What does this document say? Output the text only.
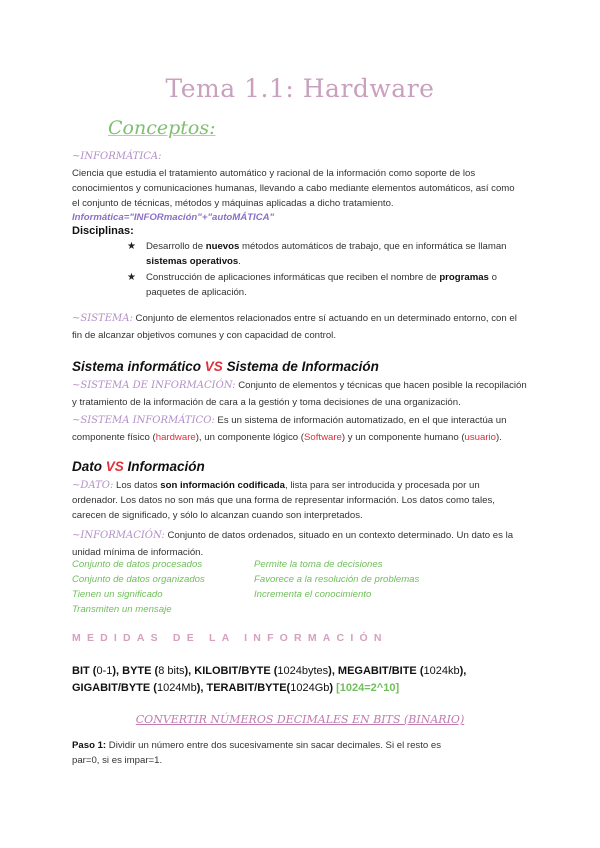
Tema 1.1: Hardware
Conceptos:
~INFORMÁTICA:
Ciencia que estudia el tratamiento automático y racional de la información como soporte de los
conocimientos y comunicaciones humanas, llevando a cabo mediante elementos automáticos, así como
el conjunto de técnicas, métodos y máquinas aplicadas a dicho tratamiento.
Informática="INFORmación"+"autoMÁTICA"
Disciplinas:
★ Desarrollo de nuevos métodos automáticos de trabajo, que en informática se llaman
sistemas operativos.
★ Construcción de aplicaciones informáticas que reciben el nombre de programas o
paquetes de aplicación.
~SISTEMA: Conjunto de elementos relacionados entre sí actuando en un determinado entorno, con el
fin de alcanzar objetivos comunes y con capacidad de control.
Sistema informático VS Sistema de Información
~SISTEMA DE INFORMACIÓN: Conjunto de elementos y técnicas que hacen posible la recopilación
y tratamiento de la información de cara a la gestión y toma decisiones de una organización.
~SISTEMA INFORMÁTICO: Es un sistema de información automatizado, en el que interactúa un
componente físico (hardware), un componente lógico (Software) y un componente humano (usuario).
Dato VS Información
~DATO: Los datos son información codificada, lista para ser introducida y procesada por un
ordenador. Los datos no son más que una forma de representar información. Los datos como tales,
carecen de significado, y sólo lo alcanzan cuando son interpretados.
~INFORMACIÓN: Conjunto de datos ordenados, situado en un contexto determinado. Un dato es la
unidad mínima de información.
Conjunto de datos procesados
Conjunto de datos organizados
Tienen un significado
Transmiten un mensaje
Permite la toma de decisiones
Favorece a la resolución de problemas
Incrementa el conocimiento
MEDIDAS DE LA INFORMACIÓN
BIT (0-1), BYTE (8 bits), KILOBIT/BYTE (1024bytes), MEGABIT/BITE (1024kb),
GIGABIT/BYTE (1024Mb), TERABIT/BYTE(1024Gb) [1024=2^10]
CONVERTIR NÚMEROS DECIMALES EN BITS (BINARIO)
Paso 1: Dividir un número entre dos sucesivamente sin sacar decimales. Si el resto es
par=0, si es impar=1.
